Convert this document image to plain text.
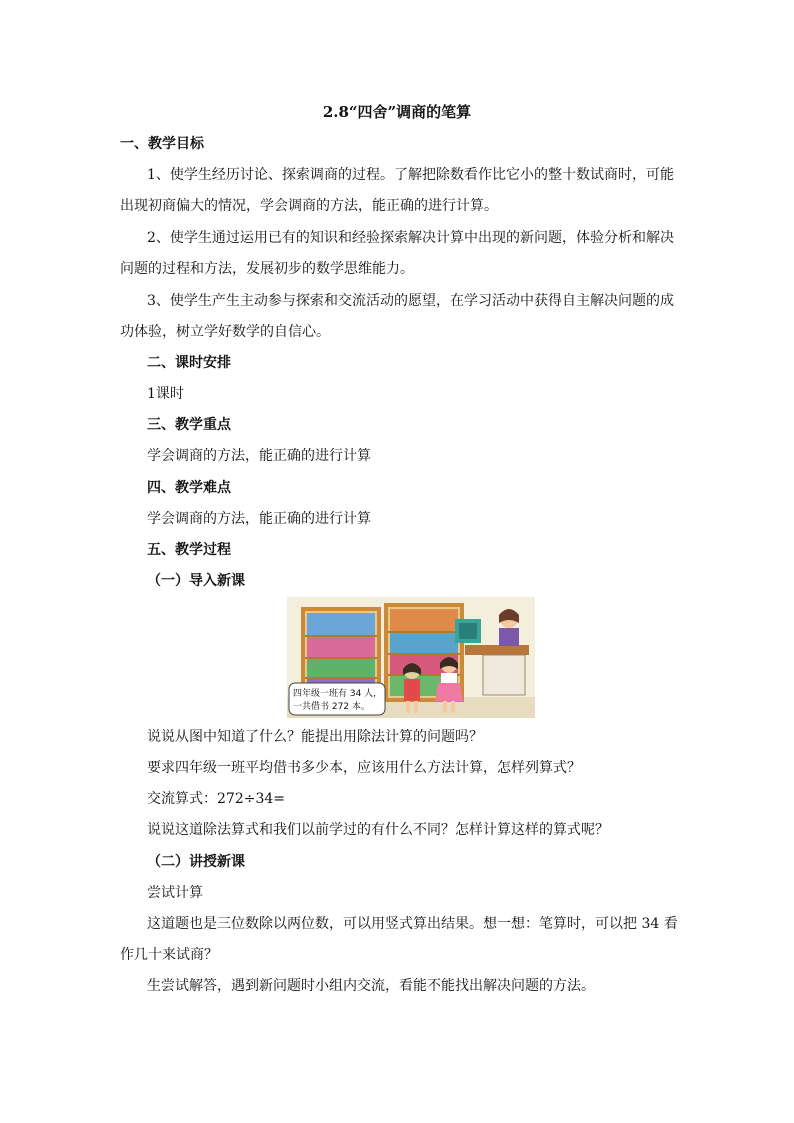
2.8“四舍”调商的笔算
一、教学目标
1、使学生经历讨论、探索调商的过程。了解把除数看作比它小的整十数试商时，可能
出现初商偏大的情况，学会调商的方法，能正确的进行计算。
2、使学生通过运用已有的知识和经验探索解决计算中出现的新问题，体验分析和解决
问题的过程和方法，发展初步的数学思维能力。
3、使学生产生主动参与探索和交流活动的愿望，在学习活动中获得自主解决问题的成
功体验，树立学好数学的自信心。
二、课时安排
1课时
三、教学重点
学会调商的方法，能正确的进行计算
四、教学难点
学会调商的方法，能正确的进行计算
五、教学过程
（一）导入新课
四年级一班有 34 人，
一共借书 272 本。
说说从图中知道了什么？能提出用除法计算的问题吗？
要求四年级一班平均借书多少本，应该用什么方法计算，怎样列算式？
交流算式：272÷34=
说说这道除法算式和我们以前学过的有什么不同？怎样计算这样的算式呢？
（二）讲授新课
尝试计算
这道题也是三位数除以两位数，可以用竖式算出结果。想一想：笔算时，可以把 34 看
作几十来试商？
生尝试解答，遇到新问题时小组内交流，看能不能找出解决问题的方法。
